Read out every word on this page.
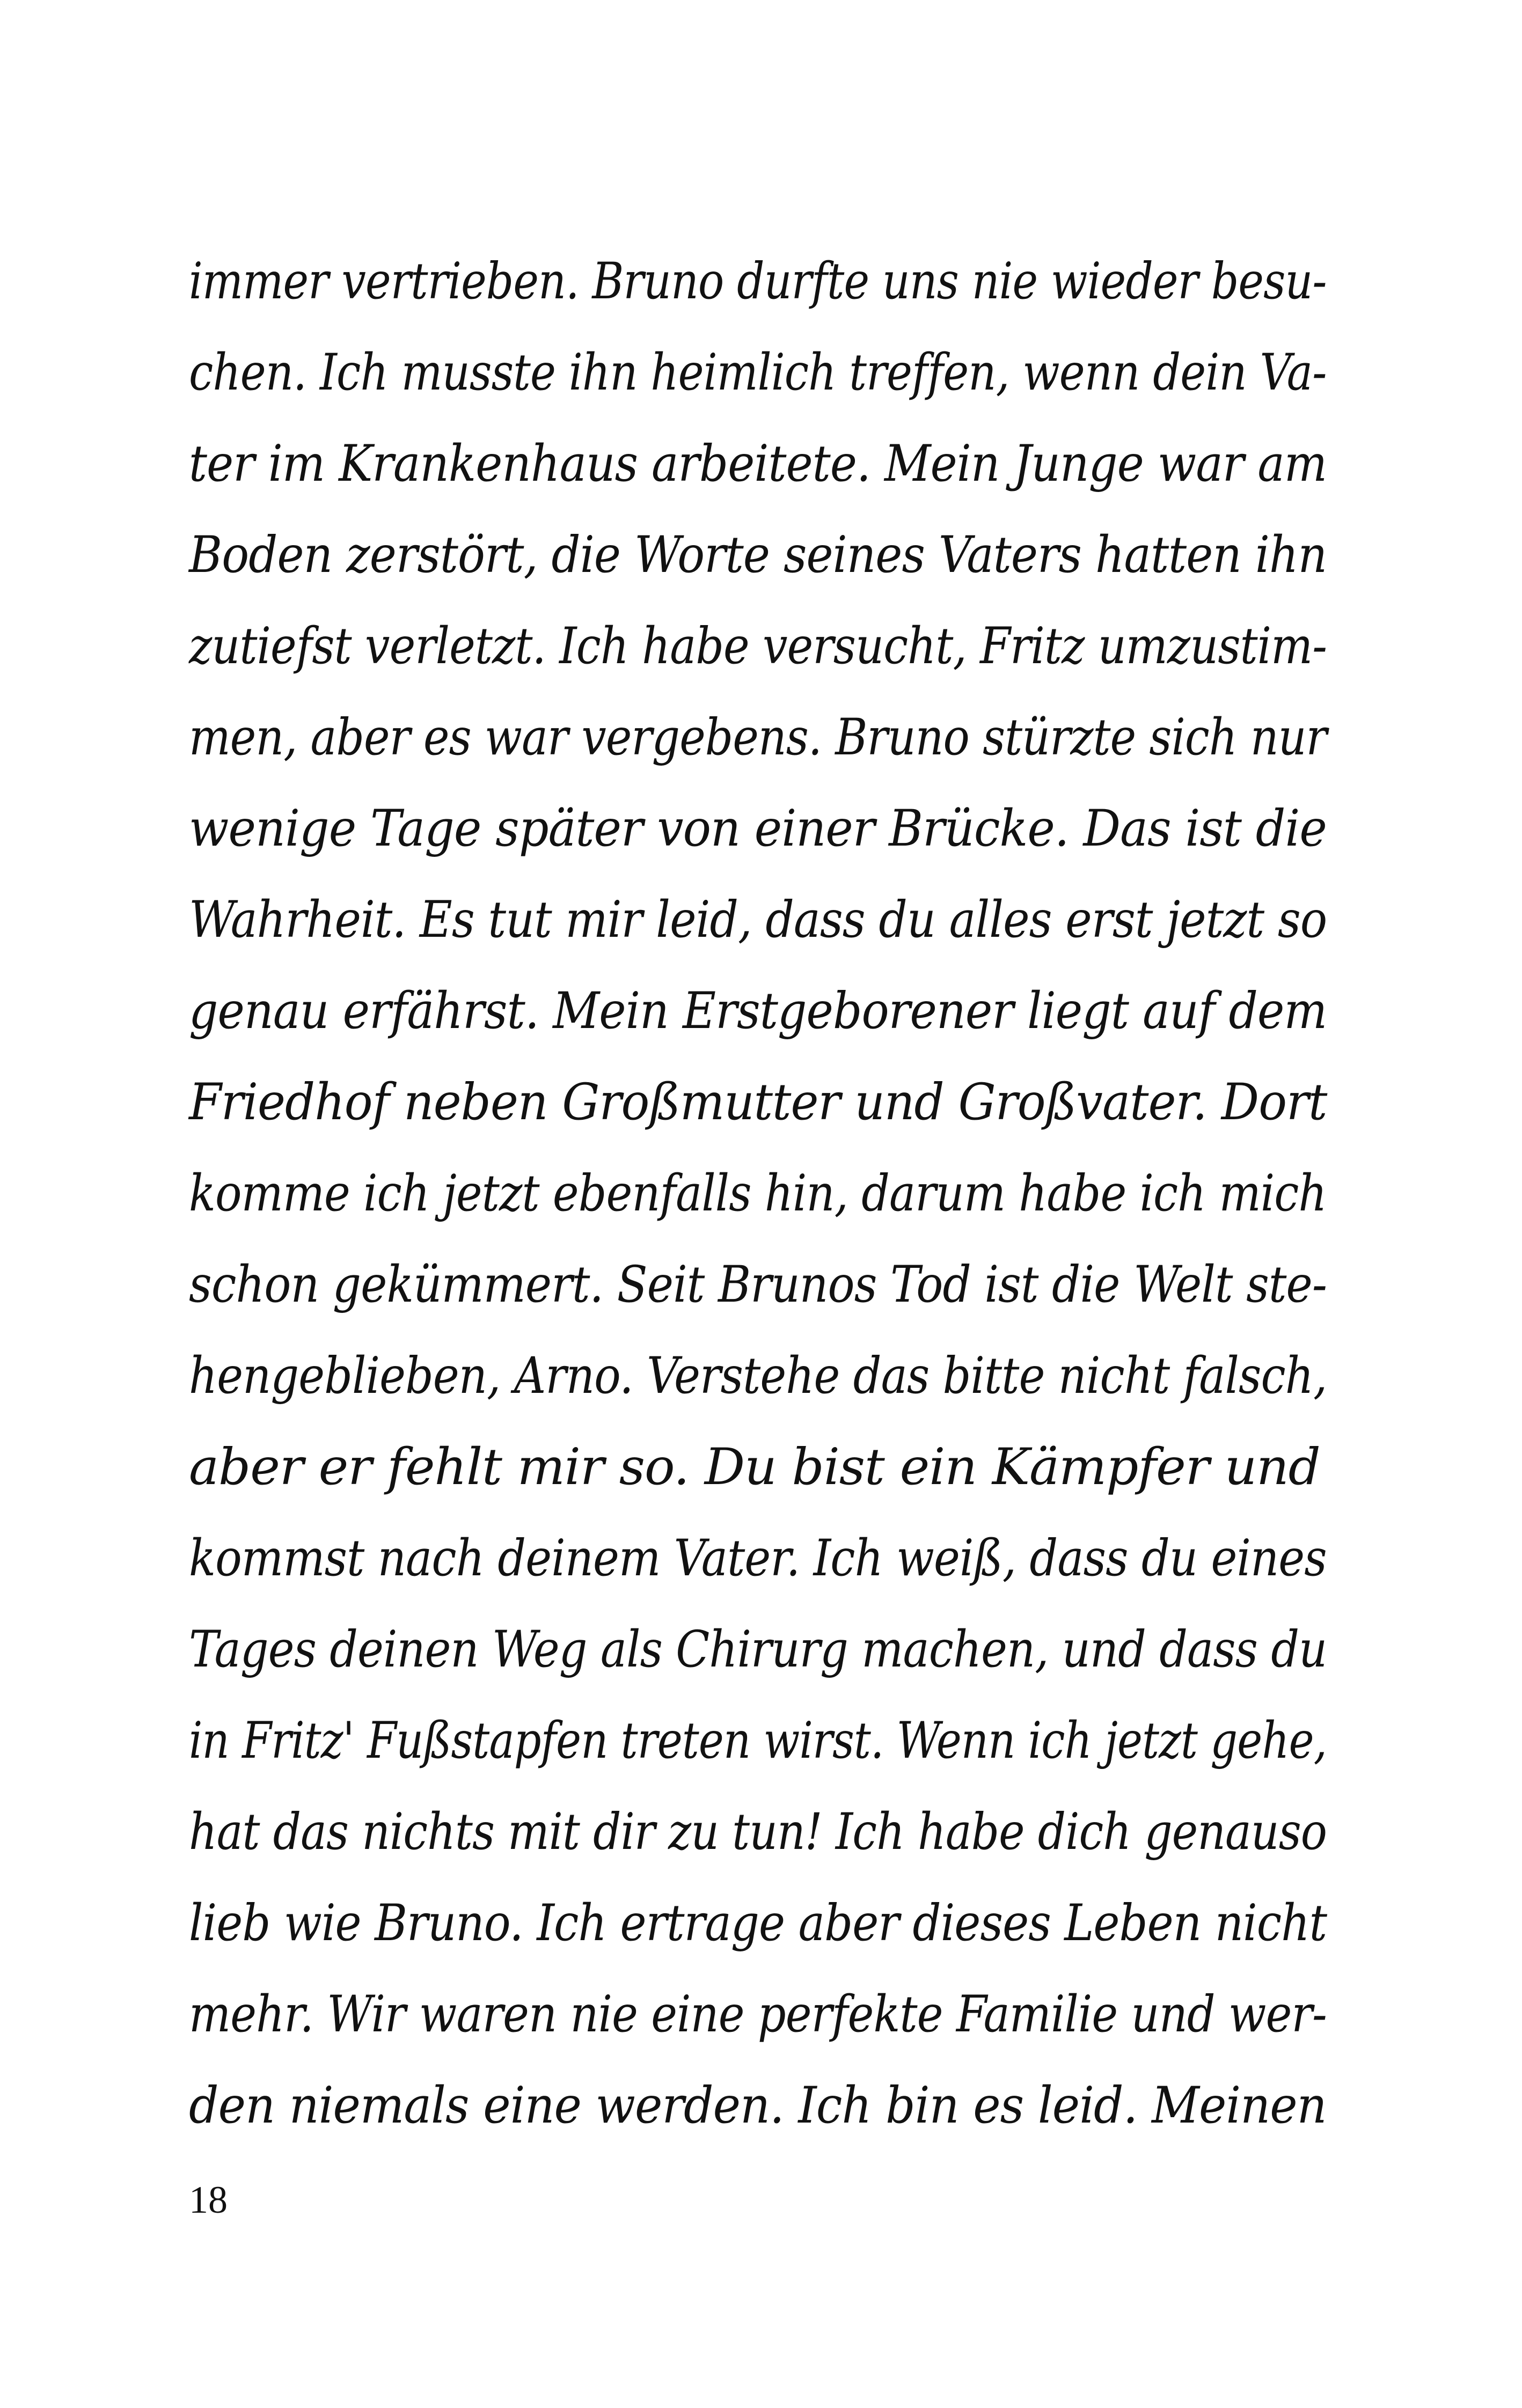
immer vertrieben. Bruno durfte uns nie wieder besu-
chen. Ich musste ihn heimlich treffen, wenn dein Va-
ter im Krankenhaus arbeitete. Mein Junge war am
Boden zerstört, die Worte seines Vaters hatten ihn
zutiefst verletzt. Ich habe versucht, Fritz umzustim-
men, aber es war vergebens. Bruno stürzte sich nur
wenige Tage später von einer Brücke. Das ist die
Wahrheit. Es tut mir leid, dass du alles erst jetzt so
genau erfährst. Mein Erstgeborener liegt auf dem
Friedhof neben Großmutter und Großvater. Dort
komme ich jetzt ebenfalls hin, darum habe ich mich
schon gekümmert. Seit Brunos Tod ist die Welt ste-
hengeblieben, Arno. Verstehe das bitte nicht falsch,
aber er fehlt mir so. Du bist ein Kämpfer und
kommst nach deinem Vater. Ich weiß, dass du eines
Tages deinen Weg als Chirurg machen, und dass du
in Fritz' Fußstapfen treten wirst. Wenn ich jetzt gehe,
hat das nichts mit dir zu tun! Ich habe dich genauso
lieb wie Bruno. Ich ertrage aber dieses Leben nicht
mehr. Wir waren nie eine perfekte Familie und wer-
den niemals eine werden. Ich bin es leid. Meinen
18
